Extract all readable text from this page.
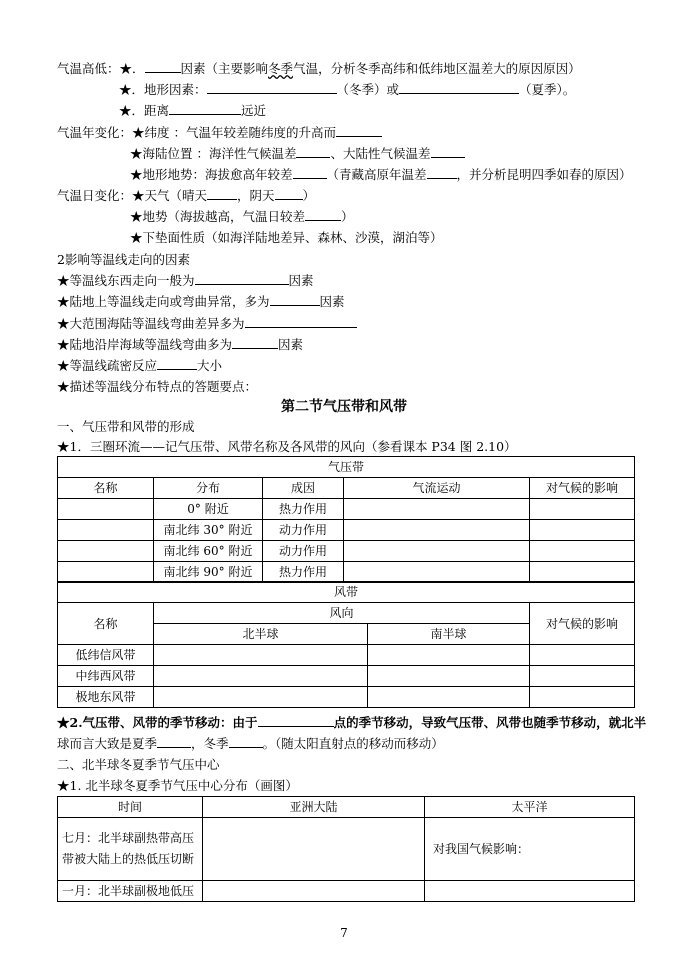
气温高低：★．	因素（主要影响冬季气温，分析冬季高纬和低纬地区温差大的原因原因）
★．地形因素：	（冬季）或	（夏季）。
★．距离	远近
气温年变化：★纬度 ：气温年较差随纬度的升高而
★海陆位置 ：海洋性气候温差	、大陆性气候温差
★地形地势：海拔愈高年较差	（青藏高原年温差 ，并分析昆明四季如春的原因）
气温日变化：★天气（晴天 ，阴天 ）
★地势（海拔越高，气温日较差	）
★下垫面性质（如海洋陆地差异、森林、沙漠，湖泊等）
2影响等温线走向的因素
★等温线东西走向一般为	因素
★陆地上等温线走向或弯曲异常，多为	因素
★大范围海陆等温线弯曲差异多为
★陆地沿岸海域等温线弯曲多为	因素
★等温线疏密反应	大小
★描述等温线分布特点的答题要点：
第二节气压带和风带
一、气压带和风带的形成
★1．三圈环流——记气压带、风带名称及各风带的风向（参看课本 P34 图 2.10）
气压带				
名称	分布	成因	气流运动	对气候的影响
	0° 附近	热力作用		
	南北纬 30° 附近	动力作用		
	南北纬 60° 附近	动力作用		
	南北纬 90° 附近	热力作用		
风带			
名称	风向		对气候的影响
	北半球	南半球	
低纬信风带			
中纬西风带			
极地东风带			
★2.气压带、风带的季节移动：由于	点的季节移动，导致气压带、风带也随季节移动，就北半
球而言大致是夏季	，冬季	。（随太阳直射点的移动而移动）
二、北半球冬夏季节气压中心
★1. 北半球冬夏季节气压中心分布（画图）
时间	亚洲大陆	太平洋
七月：北半球副热带高压
带被大陆上的热低压切断		对我国气候影响：
一月：北半球副极地低压		
7
